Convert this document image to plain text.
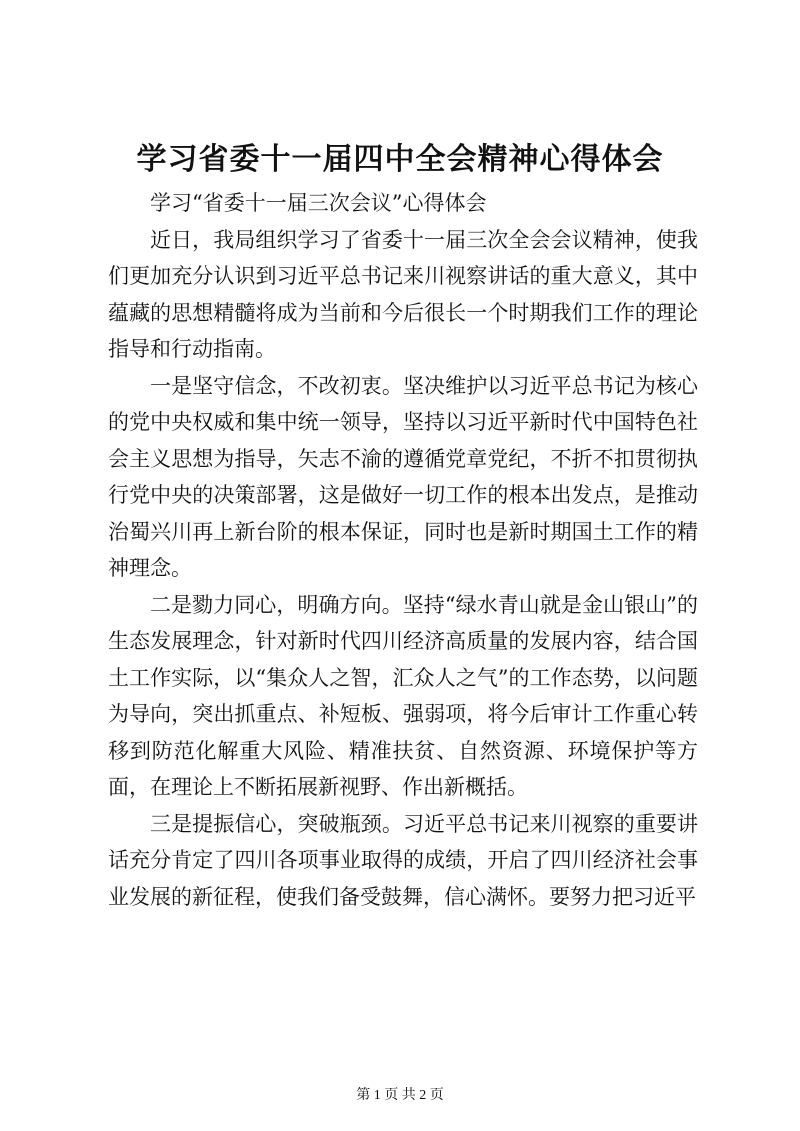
学习省委十一届四中全会精神心得体会

学习“省委十一届三次会议”心得体会

近日，我局组织学习了省委十一届三次全会会议精神，使我们更加充分认识到习近平总书记来川视察讲话的重大意义，其中蕴藏的思想精髓将成为当前和今后很长一个时期我们工作的理论指导和行动指南。

一是坚守信念，不改初衷。坚决维护以习近平总书记为核心的党中央权威和集中统一领导，坚持以习近平新时代中国特色社会主义思想为指导，矢志不渝的遵循党章党纪，不折不扣贯彻执行党中央的决策部署，这是做好一切工作的根本出发点，是推动治蜀兴川再上新台阶的根本保证，同时也是新时期国土工作的精神理念。

二是勠力同心，明确方向。坚持“绿水青山就是金山银山”的生态发展理念，针对新时代四川经济高质量的发展内容，结合国土工作实际，以“集众人之智，汇众人之气”的工作态势，以问题为导向，突出抓重点、补短板、强弱项，将今后审计工作重心转移到防范化解重大风险、精准扶贫、自然资源、环境保护等方面，在理论上不断拓展新视野、作出新概括。

三是提振信心，突破瓶颈。习近平总书记来川视察的重要讲话充分肯定了四川各项事业取得的成绩，开启了四川经济社会事业发展的新征程，使我们备受鼓舞，信心满怀。要努力把习近平

第 1 页 共 2 页
